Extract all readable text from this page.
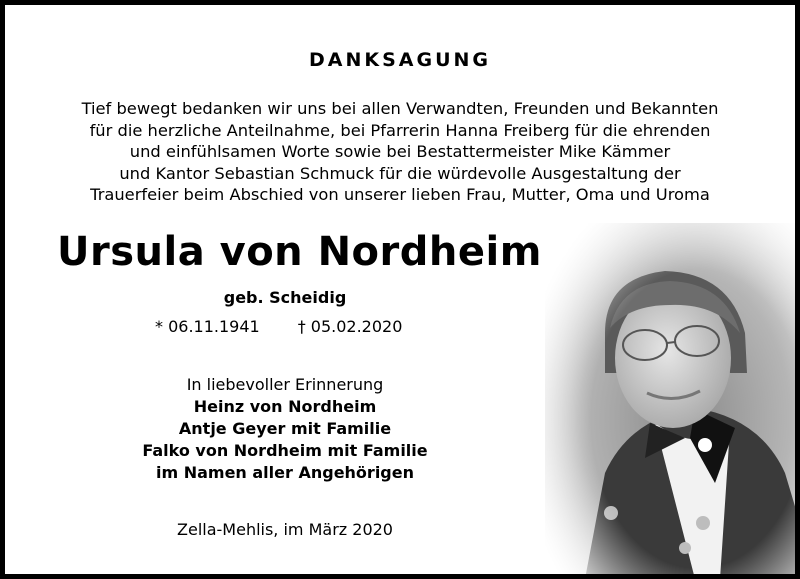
DANKSAGUNG
Tief bewegt bedanken wir uns bei allen Verwandten, Freunden und Bekannten
für die herzliche Anteilnahme, bei Pfarrerin Hanna Freiberg für die ehrenden
und einfühlsamen Worte sowie bei Bestattermeister Mike Kämmer
und Kantor Sebastian Schmuck für die würdevolle Ausgestaltung der
Trauerfeier beim Abschied von unserer lieben Frau, Mutter, Oma und Uroma
Ursula von Nordheim
geb. Scheidig
* 06.11.1941 † 05.02.2020
In liebevoller Erinnerung
Heinz von Nordheim
Antje Geyer mit Familie
Falko von Nordheim mit Familie
im Namen aller Angehörigen
Zella-Mehlis, im März 2020
